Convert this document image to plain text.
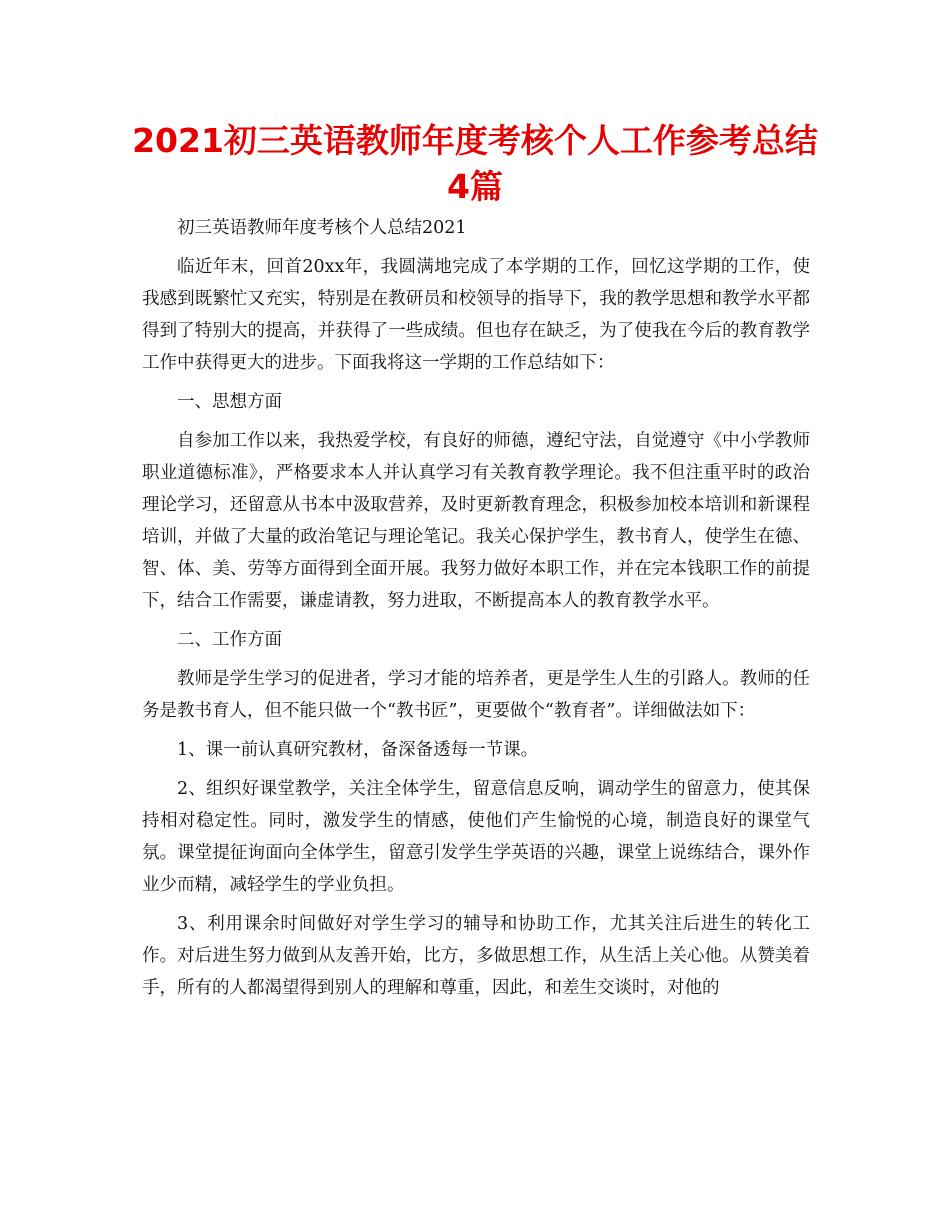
2021初三英语教师年度考核个人工作参考总结4篇
初三英语教师年度考核个人总结2021
临近年末，回首20xx年，我圆满地完成了本学期的工作，回忆这学期的工作，使我感到既繁忙又充实，特别是在教研员和校领导的指导下，我的教学思想和教学水平都得到了特别大的提高，并获得了一些成绩。但也存在缺乏，为了使我在今后的教育教学工作中获得更大的进步。下面我将这一学期的工作总结如下：
一、思想方面
自参加工作以来，我热爱学校，有良好的师德，遵纪守法，自觉遵守《中小学教师职业道德标准》，严格要求本人并认真学习有关教育教学理论。我不但注重平时的政治理论学习，还留意从书本中汲取营养，及时更新教育理念，积极参加校本培训和新课程培训，并做了大量的政治笔记与理论笔记。我关心保护学生，教书育人，使学生在德、智、体、美、劳等方面得到全面开展。我努力做好本职工作，并在完本钱职工作的前提下，结合工作需要，谦虚请教，努力进取，不断提高本人的教育教学水平。
二、工作方面
教师是学生学习的促进者，学习才能的培养者，更是学生人生的引路人。教师的任务是教书育人，但不能只做一个“教书匠”，更要做个“教育者”。详细做法如下：
1、课一前认真研究教材，备深备透每一节课。
2、组织好课堂教学，关注全体学生，留意信息反响，调动学生的留意力，使其保持相对稳定性。同时，激发学生的情感，使他们产生愉悦的心境，制造良好的课堂气氛。课堂提征询面向全体学生，留意引发学生学英语的兴趣，课堂上说练结合，课外作业少而精，减轻学生的学业负担。
3、利用课余时间做好对学生学习的辅导和协助工作，尤其关注后进生的转化工作。对后进生努力做到从友善开始，比方，多做思想工作，从生活上关心他。从赞美着手，所有的人都渴望得到别人的理解和尊重，因此，和差生交谈时，对他的
